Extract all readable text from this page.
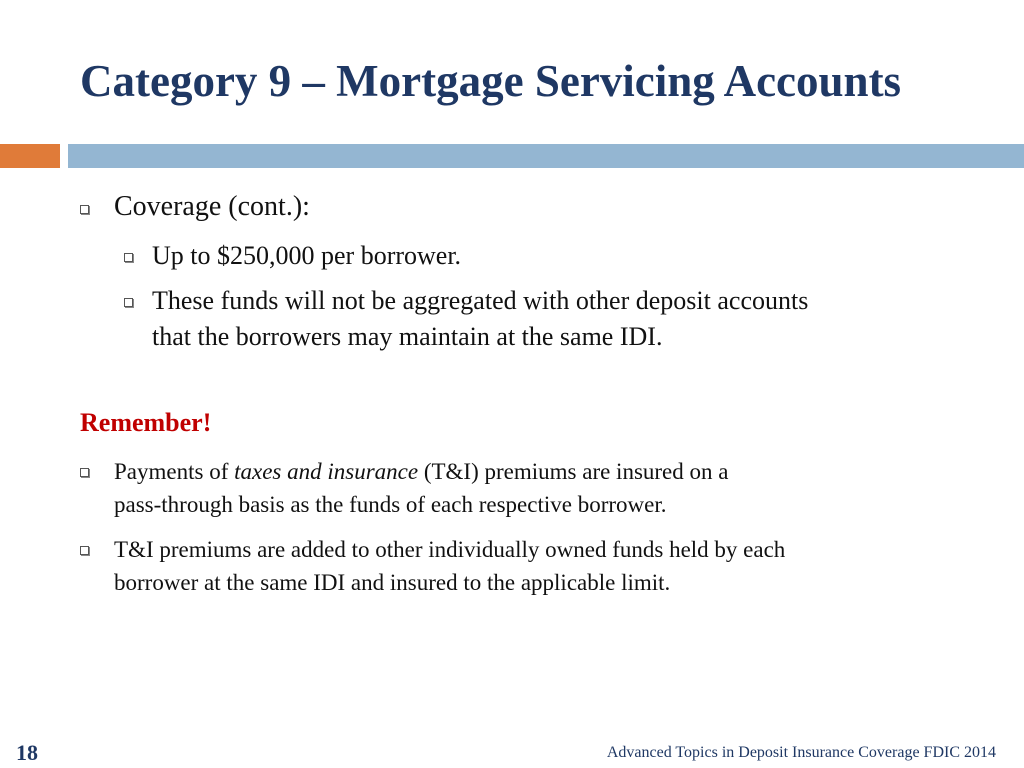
Category 9 – Mortgage Servicing Accounts
Coverage (cont.):
Up to $250,000 per borrower.
These funds will not be aggregated with other deposit accounts
that the borrowers may maintain at the same IDI.
Remember!
Payments of taxes and insurance (T&I) premiums are insured on a
pass-through basis as the funds of each respective borrower.
T&I premiums are added to other individually owned funds held by each
borrower at the same IDI and insured to the applicable limit.
18	Advanced Topics in Deposit Insurance Coverage FDIC 2014
